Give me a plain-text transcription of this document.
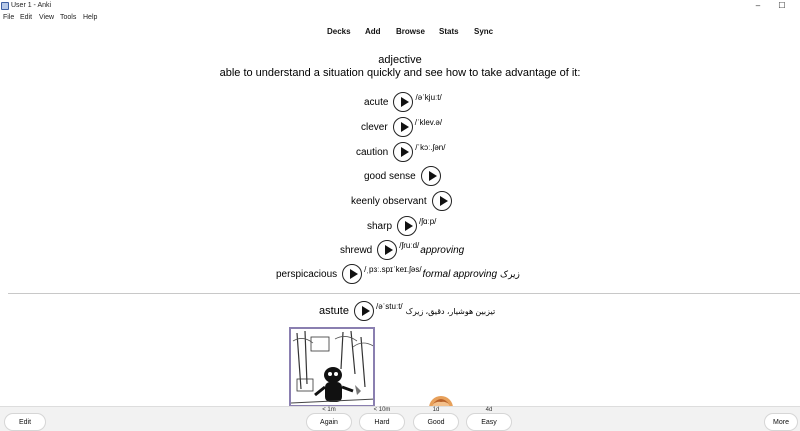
User 1 - Anki	–	☐
File Edit View Tools Help
Decks Add Browse Stats Sync
adjective
able to understand a situation quickly and see how to take advantage of it:
acute	/əˈkjuːt/
clever	/ˈklev.ə/
caution	/ˈkɔː.ʃən/
good sense
keenly observant
sharp	/ʃɑːp/
shrewd	/ʃruːd/ approving
perspicacious	/ˌpɜː.spɪˈkeɪ.ʃəs/ formal approving زیرک
astute	/əˈstuːt/
تیزبین هوشیار، دقیق، زیرک
Edit
< 1m
Again
< 10m
Hard
1d
Good
4d
Easy	More
